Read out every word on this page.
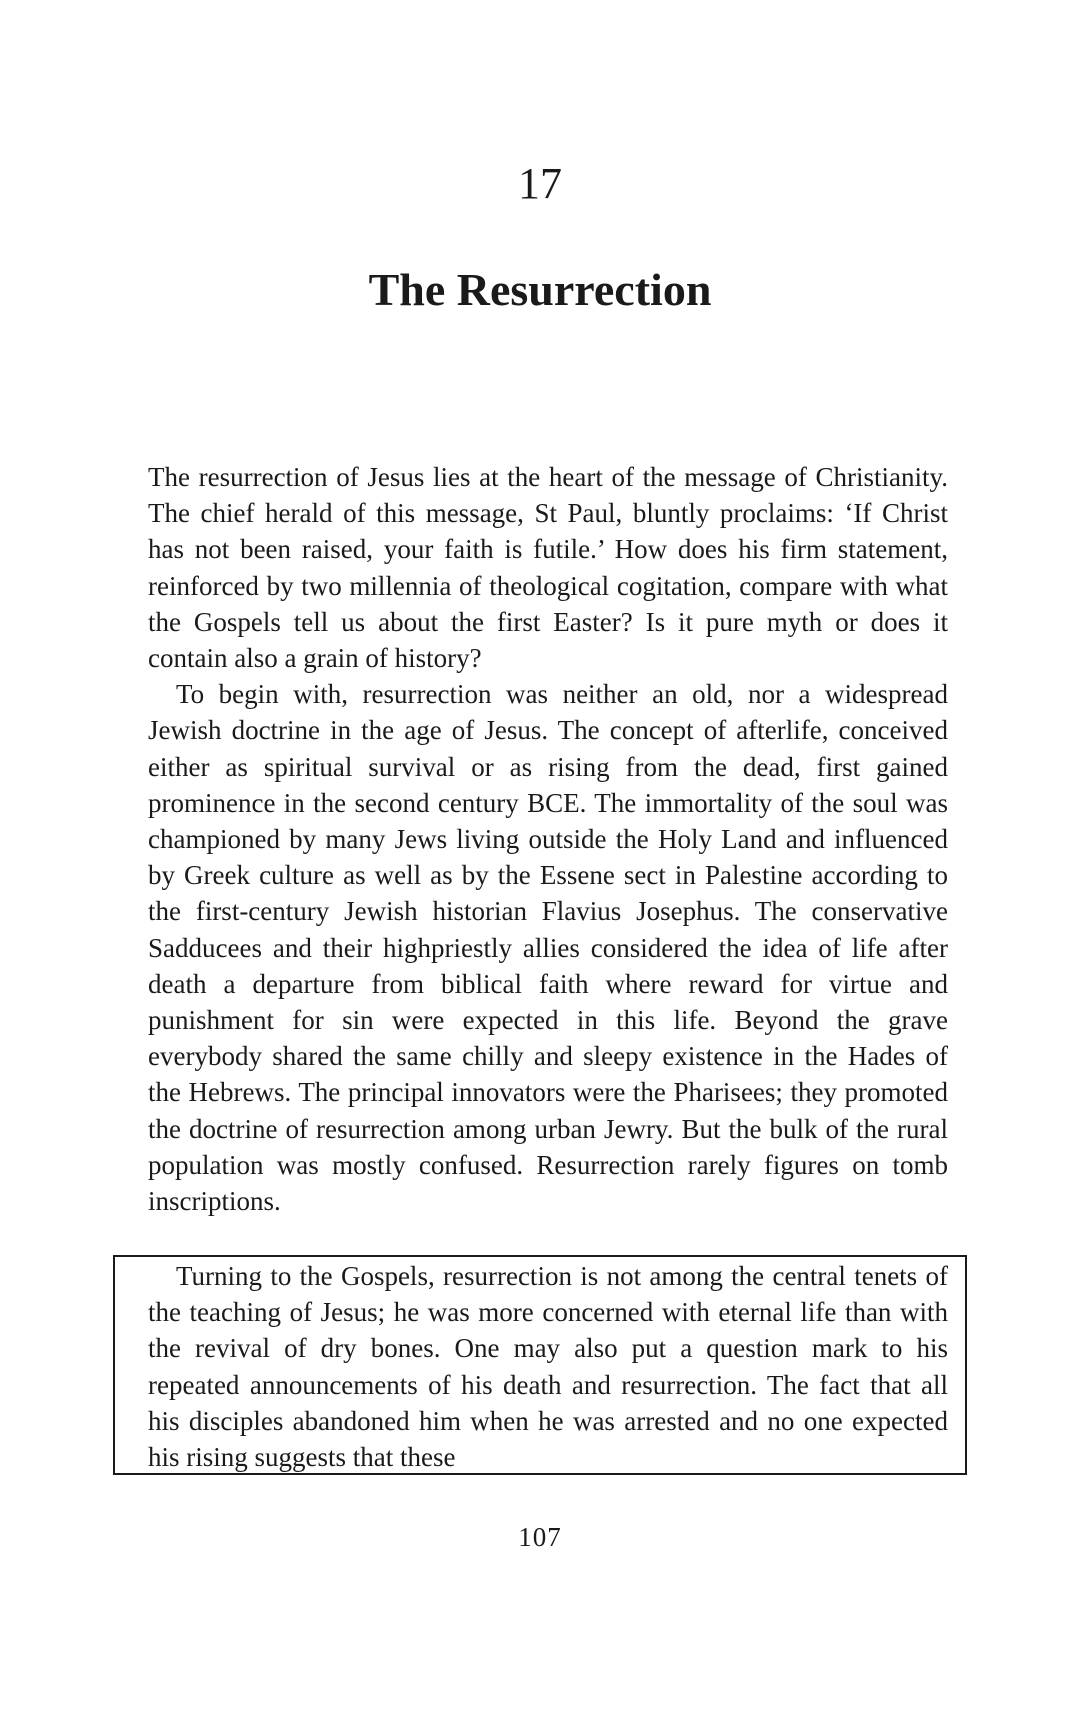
17
The Resurrection

The resurrection of Jesus lies at the heart of the message of Christianity. The chief herald of this message, St Paul, bluntly proclaims: ‘If Christ has not been raised, your faith is futile.’ How does his firm statement, reinforced by two millennia of theological cogitation, compare with what the Gospels tell us about the first Easter? Is it pure myth or does it contain also a grain of history?

To begin with, resurrection was neither an old, nor a widespread Jewish doctrine in the age of Jesus. The concept of afterlife, conceived either as spiritual survival or as rising from the dead, first gained prominence in the second century BCE. The immortality of the soul was championed by many Jews living outside the Holy Land and influenced by Greek culture as well as by the Essene sect in Palestine according to the first-century Jewish historian Flavius Josephus. The conservative Sadducees and their highpriestly allies considered the idea of life after death a departure from biblical faith where reward for virtue and punishment for sin were expected in this life. Beyond the grave everybody shared the same chilly and sleepy existence in the Hades of the Hebrews. The principal innovators were the Pharisees; they promoted the doctrine of resurrection among urban Jewry. But the bulk of the rural population was mostly confused. Resurrection rarely figures on tomb inscriptions.

Turning to the Gospels, resurrection is not among the central tenets of the teaching of Jesus; he was more concerned with eternal life than with the revival of dry bones. One may also put a question mark to his repeated announcements of his death and resurrection. The fact that all his disciples abandoned him when he was arrested and no one expected his rising suggests that these

107
